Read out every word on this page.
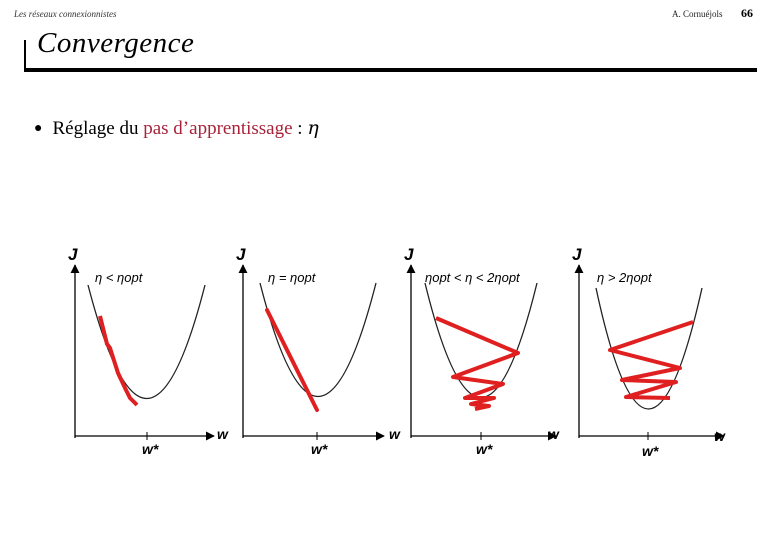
Les réseaux connexionnistes	A. Cornuéjols 66
Convergence
● Réglage du pas d’apprentissage : η
J
w
w*
η < ηopt
J
w
w*
η = ηopt
J
w
w*
ηopt < η < 2ηopt
J
w
w*
η > 2ηopt
